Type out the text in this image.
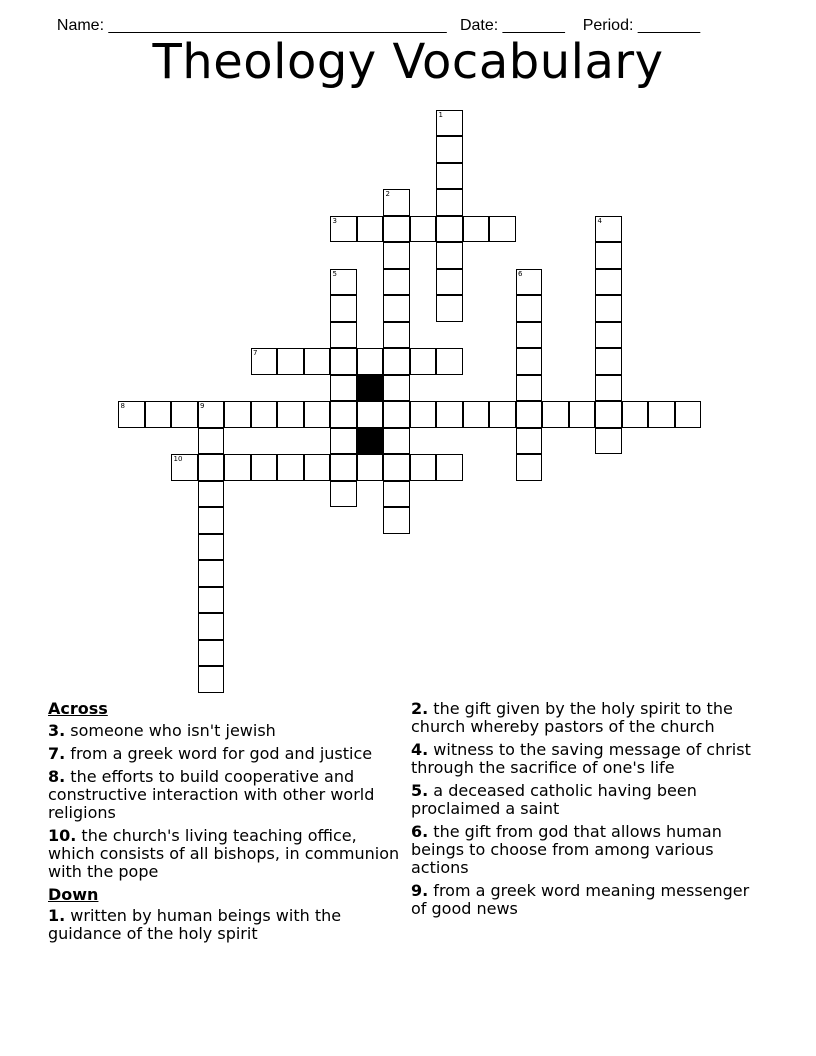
Name: ______________________________________ Date: _______ Period: _______

Theology Vocabulary
1
2
3	4
5	6
7
8	9
10
Across
3. someone who isn't jewish
7. from a greek word for god and justice
8. the efforts to build cooperative and constructive interaction with other world religions
10. the church's living teaching office, which consists of all bishops, in communion with the pope
Down
1. written by human beings with the guidance of the holy spirit
2. the gift given by the holy spirit to the church whereby pastors of the church
4. witness to the saving message of christ through the sacrifice of one's life
5. a deceased catholic having been proclaimed a saint
6. the gift from god that allows human beings to choose from among various actions
9. from a greek word meaning messenger of good news
